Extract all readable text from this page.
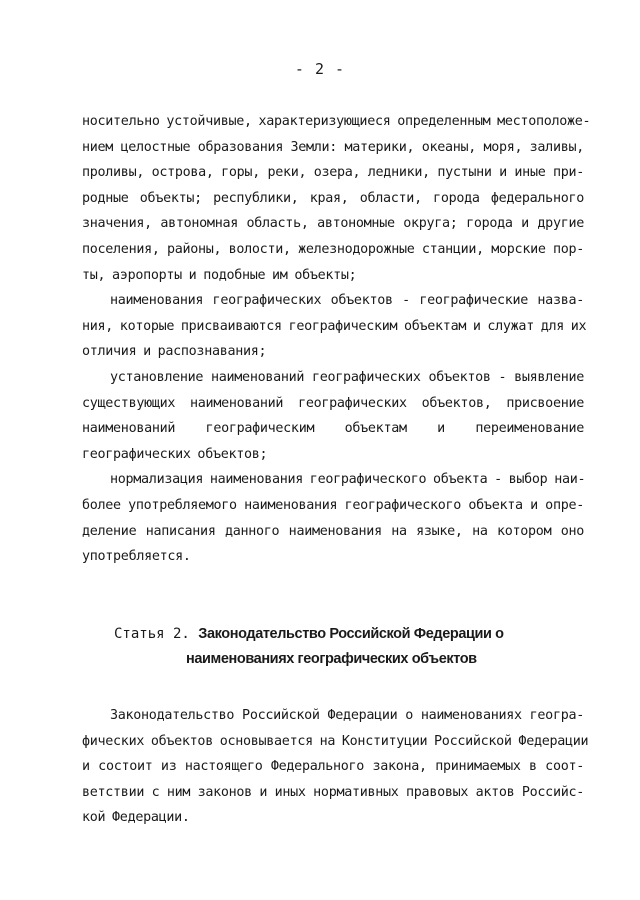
- 2 -
носительно устойчивые, характеризующиеся определенным местоположе-
нием целостные образования Земли: материки, океаны, моря, заливы,
проливы, острова, горы, реки, озера, ледники, пустыни и иные при-
родные объекты; республики, края, области, города федерального
значения, автономная область, автономные округа; города и другие
поселения, районы, волости, железнодорожные станции, морские пор-
ты, аэропорты и подобные им объекты;
наименования географических объектов - географические назва-
ния, которые присваиваются географическим объектам и служат для их
отличия и распознавания;
установление наименований географических объектов - выявление
существующих наименований географических объектов, присвоение
наименований географическим объектам и переименование
географических объектов;
нормализация наименования географического объекта - выбор наи-
более употребляемого наименования географического объекта и опре-
деление написания данного наименования на языке, на котором оно
употребляется.
Статья 2. Законодательство Российской Федерации о
наименованиях географических объектов
Законодательство Российской Федерации о наименованиях геогра-
фических объектов основывается на Конституции Российской Федерации
и состоит из настоящего Федерального закона, принимаемых в соот-
ветствии с ним законов и иных нормативных правовых актов Российс-
кой Федерации.
